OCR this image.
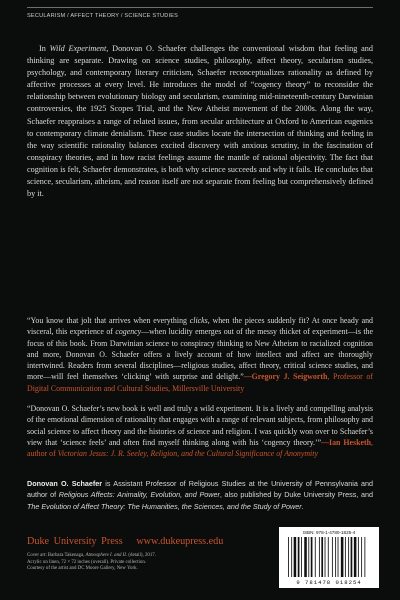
SECULARISM / AFFECT THEORY / SCIENCE STUDIES
In Wild Experiment, Donovan O. Schaefer challenges the conventional wisdom that feeling and thinking are separate. Drawing on science studies, philosophy, affect theory, secularism studies, psychology, and contemporary literary criticism, Schaefer reconceptualizes rationality as defined by affective processes at every level. He introduces the model of “cogency theory” to reconsider the relationship between evolutionary biology and secularism, examining mid-nineteenth-century Darwinian controversies, the 1925 Scopes Trial, and the New Atheist movement of the 2000s. Along the way, Schaefer reappraises a range of related issues, from secular architecture at Oxford to American eugenics to contemporary climate denialism. These case studies locate the intersection of thinking and feeling in the way scientific rationality balances excited discovery with anxious scrutiny, in the fascination of conspiracy theories, and in how racist feelings assume the mantle of rational objectivity. The fact that cognition is felt, Schaefer demonstrates, is both why science succeeds and why it fails. He concludes that science, secularism, atheism, and reason itself are not separate from feeling but comprehensively defined by it.
“You know that jolt that arrives when everything clicks, when the pieces suddenly fit? At once heady and visceral, this experience of cogency—when lucidity emerges out of the messy thicket of experiment—is the focus of this book. From Darwinian science to conspiracy thinking to New Atheism to racialized cognition and more, Donovan O. Schaefer offers a lively account of how intellect and affect are thoroughly intertwined. Readers from several disciplines—religious studies, affect theory, critical science studies, and more—will feel themselves ‘clicking’ with surprise and delight.”—Gregory J. Seigworth, Professor of Digital Communication and Cultural Studies, Millersville University
“Donovan O. Schaefer’s new book is well and truly a wild experiment. It is a lively and compelling analysis of the emotional dimension of rationality that engages with a range of relevant subjects, from philosophy and social science to affect theory and the histories of science and religion. I was quickly won over to Schaefer’s view that ‘science feels’ and often find myself thinking along with his ‘cogency theory.’”—Ian Hesketh, author of Victorian Jesus: J. R. Seeley, Religion, and the Cultural Significance of Anonymity
Donovan O. Schaefer is Assistant Professor of Religious Studies at the University of Pennsylvania and author of Religious Affects: Animality, Evolution, and Power, also published by Duke University Press, and The Evolution of Affect Theory: The Humanities, the Sciences, and the Study of Power.
Duke University Press www.dukeupress.edu
Cover art: Barbara Takenaga, Atmosphere I. and II. (detail), 2017.
Acrylic on linen, 72 × 72 inches (overall). Private collection.
Courtesy of the artist and DC Moore Gallery, New York.
ISBN: 978-1-4780-1825-4
9 781478 018254
